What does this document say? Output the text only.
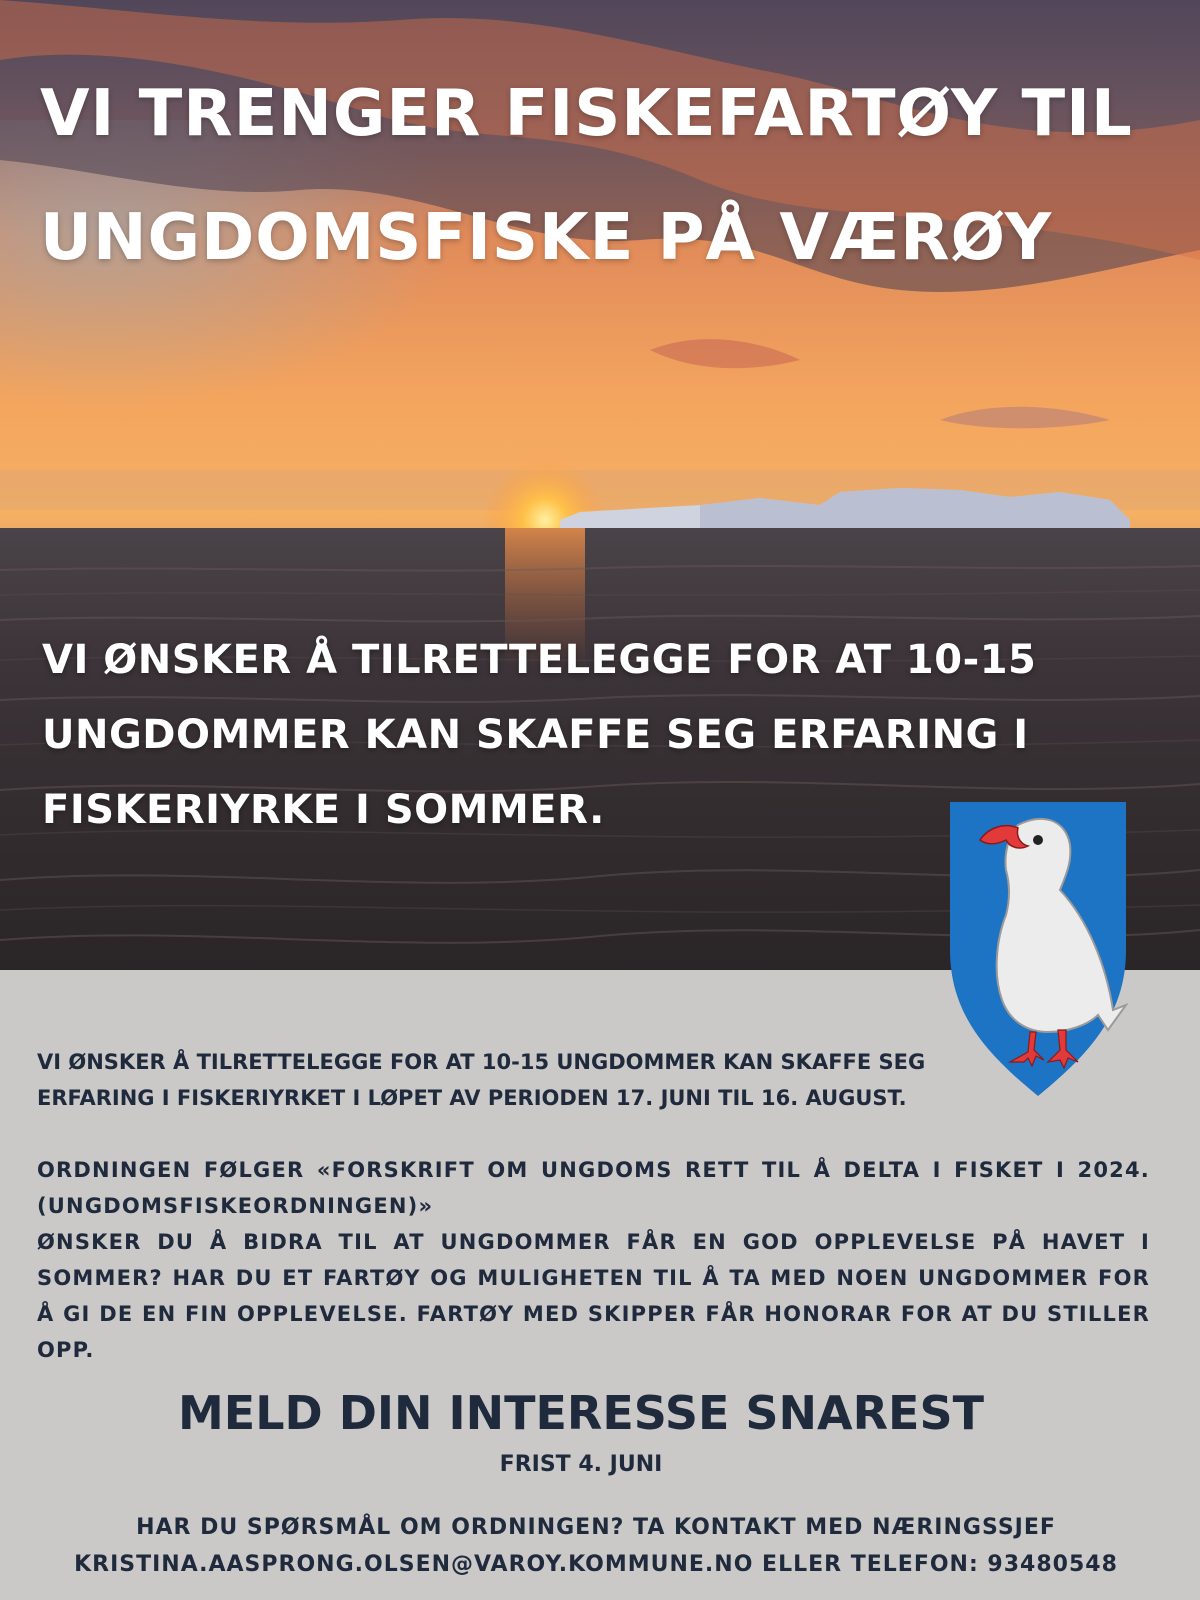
VI TRENGER FISKEFARTØY TIL UNGDOMSFISKE PÅ VÆRØY
VI ØNSKER Å TILRETTELEGGE FOR AT 10-15 UNGDOMMER KAN SKAFFE SEG ERFARING I FISKERIYRKE I SOMMER.

VI ØNSKER Å TILRETTELEGGE FOR AT 10-15 UNGDOMMER KAN SKAFFE SEG ERFARING I FISKERIYRKET I LØPET AV PERIODEN 17. JUNI TIL 16. AUGUST.

ORDNINGEN FØLGER «FORSKRIFT OM UNGDOMS RETT TIL Å DELTA I FISKET I 2024. (UNGDOMSFISKEORDNINGEN)»

ØNSKER DU Å BIDRA TIL AT UNGDOMMER FÅR EN GOD OPPLEVELSE PÅ HAVET I SOMMER? HAR DU ET FARTØY OG MULIGHETEN TIL Å TA MED NOEN UNGDOMMER FOR Å GI DE EN FIN OPPLEVELSE. FARTØY MED SKIPPER FÅR HONORAR FOR AT DU STILLER OPP.

MELD DIN INTERESSE SNAREST

FRIST 4. JUNI

HAR DU SPØRSMÅL OM ORDNINGEN? TA KONTAKT MED NÆRINGSSJEF
KRISTINA.AASPRONG.OLSEN@VAROY.KOMMUNE.NO ELLER TELEFON: 93480548
